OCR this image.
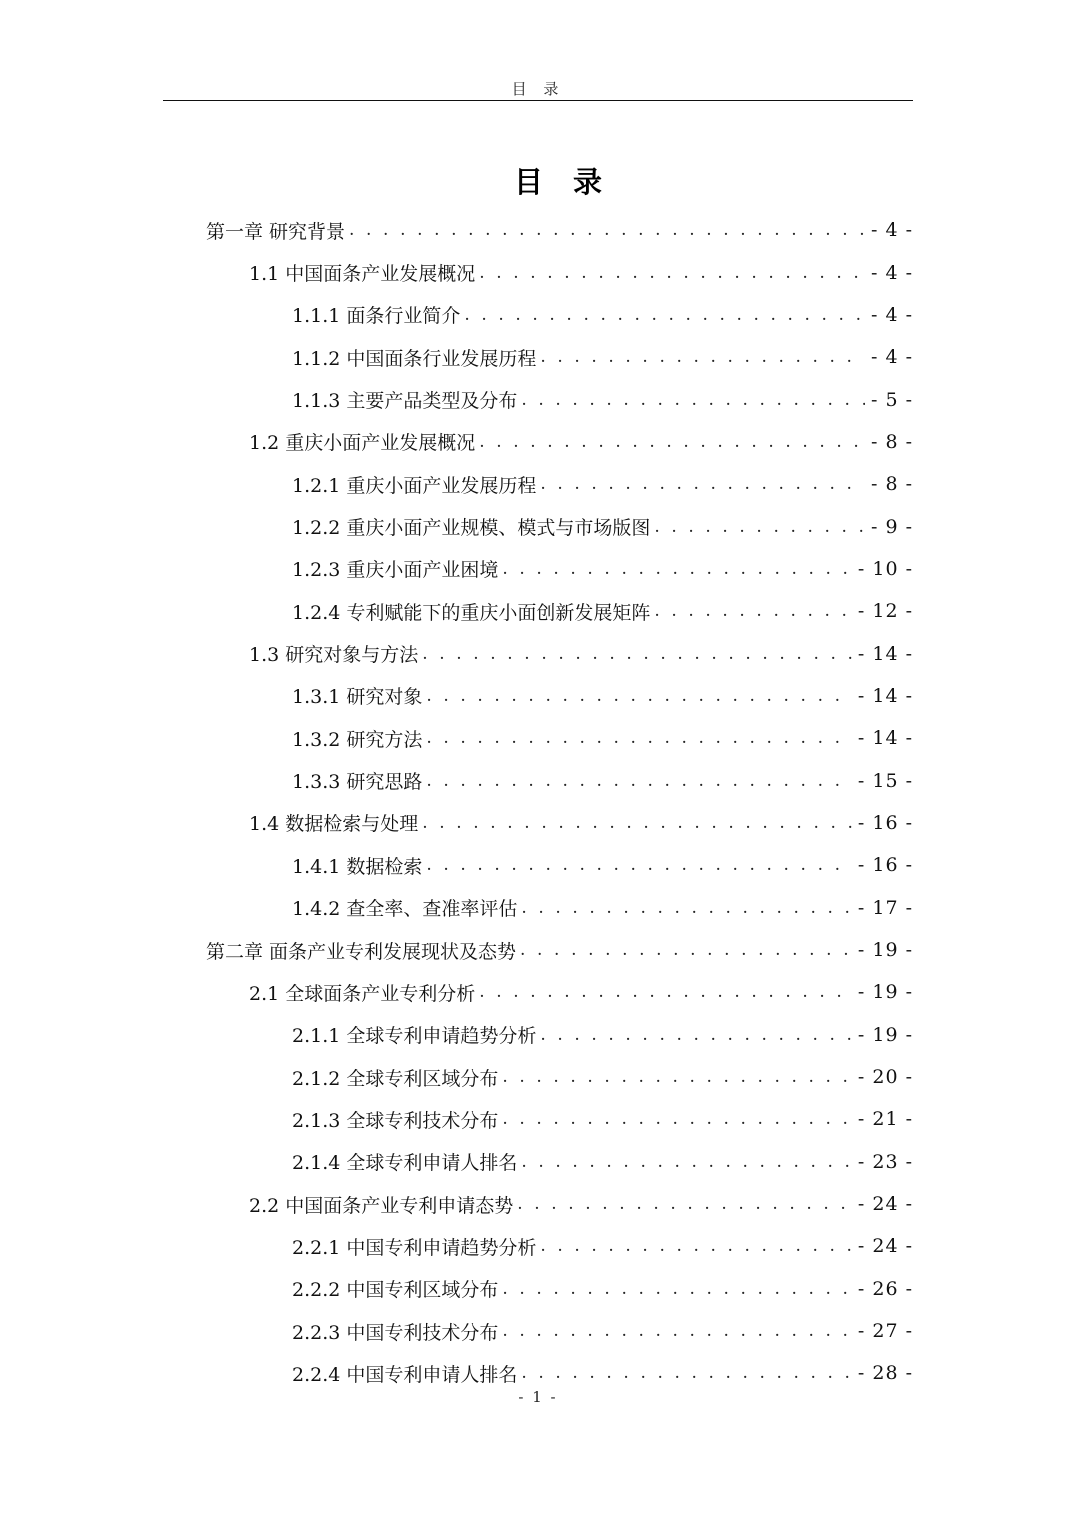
目 录
目 录
第一章 研究背景 . . .	- 4 -
1.1 中国面条产业发展概况 . . .	- 4 -
1.1.1 面条行业简介 . . .	- 4 -
1.1.2 中国面条行业发展历程 . . .	- 4 -
1.1.3 主要产品类型及分布 . . .	- 5 -
1.2 重庆小面产业发展概况 . . .	- 8 -
1.2.1 重庆小面产业发展历程 . . .	- 8 -
1.2.2 重庆小面产业规模、模式与市场版图 . . .	- 9 -
1.2.3 重庆小面产业困境 . . .	- 10 -
1.2.4 专利赋能下的重庆小面创新发展矩阵 . . .	- 12 -
1.3 研究对象与方法 . . .	- 14 -
1.3.1 研究对象 . . .	- 14 -
1.3.2 研究方法 . . .	- 14 -
1.3.3 研究思路 . . .	- 15 -
1.4 数据检索与处理 . . .	- 16 -
1.4.1 数据检索 . . .	- 16 -
1.4.2 查全率、查准率评估 . . .	- 17 -
第二章 面条产业专利发展现状及态势 . . .	- 19 -
2.1 全球面条产业专利分析 . . .	- 19 -
2.1.1 全球专利申请趋势分析 . . .	- 19 -
2.1.2 全球专利区域分布 . . .	- 20 -
2.1.3 全球专利技术分布 . . .	- 21 -
2.1.4 全球专利申请人排名 . . .	- 23 -
2.2 中国面条产业专利申请态势 . . .	- 24 -
2.2.1 中国专利申请趋势分析 . . .	- 24 -
2.2.2 中国专利区域分布 . . .	- 26 -
2.2.3 中国专利技术分布 . . .	- 27 -
2.2.4 中国专利申请人排名 . . .	- 28 -
- 1 -
